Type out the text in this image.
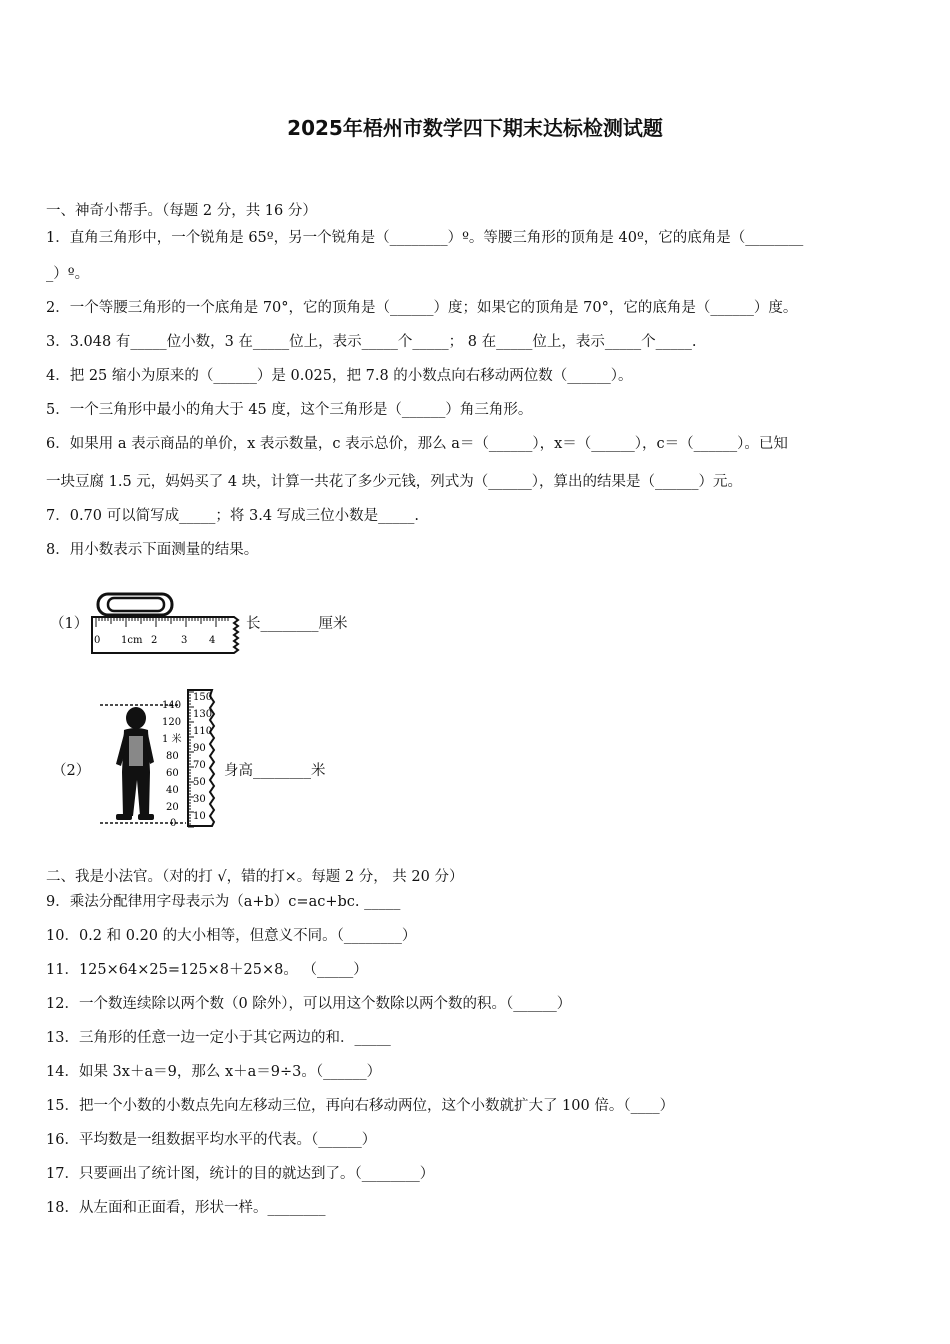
2025年梧州市数学四下期末达标检测试题
一、神奇小帮手。（每题 2 分，共 16 分）
1．直角三角形中，一个锐角是 65º，另一个锐角是（________）º。等腰三角形的顶角是 40º，它的底角是（________
_）º。
2．一个等腰三角形的一个底角是 70°，它的顶角是（______）度；如果它的顶角是 70°，它的底角是（______）度。
3．3.048 有_____位小数，3 在_____位上，表示_____个_____； 8 在_____位上，表示_____个_____.
4．把 25 缩小为原来的（______）是 0.025，把 7.8 的小数点向右移动两位数（______）。
5．一个三角形中最小的角大于 45 度，这个三角形是（______）角三角形。
6．如果用 a 表示商品的单价，x 表示数量，c 表示总价，那么 a＝（______），x＝（______），c＝（______）。已知
一块豆腐 1.5 元，妈妈买了 4 块，计算一共花了多少元钱，列式为（______），算出的结果是（______）元。
7．0.70 可以简写成_____；将 3.4 写成三位小数是_____.
8．用小数表示下面测量的结果。
（1）
0 1cm 2 3 4
长________厘米
（2）
140
120
1 米
80
60
40
20
0
150
130
110
90
70
50
30
10
身高________米
二、我是小法官。（对的打 √，错的打×。每题 2 分， 共 20 分）
9．乘法分配律用字母表示为（a+b）c=ac+bc. _____
10．0.2 和 0.20 的大小相等，但意义不同。（________）
11．125×64×25=125×8＋25×8。 （_____）
12．一个数连续除以两个数（0 除外），可以用这个数除以两个数的积。（______）
13．三角形的任意一边一定小于其它两边的和．_____
14．如果 3x＋a＝9，那么 x＋a＝9÷3。（______）
15．把一个小数的小数点先向左移动三位，再向右移动两位，这个小数就扩大了 100 倍。（____）
16．平均数是一组数据平均水平的代表。（______）
17．只要画出了统计图，统计的目的就达到了。（________）
18．从左面和正面看，形状一样。________
